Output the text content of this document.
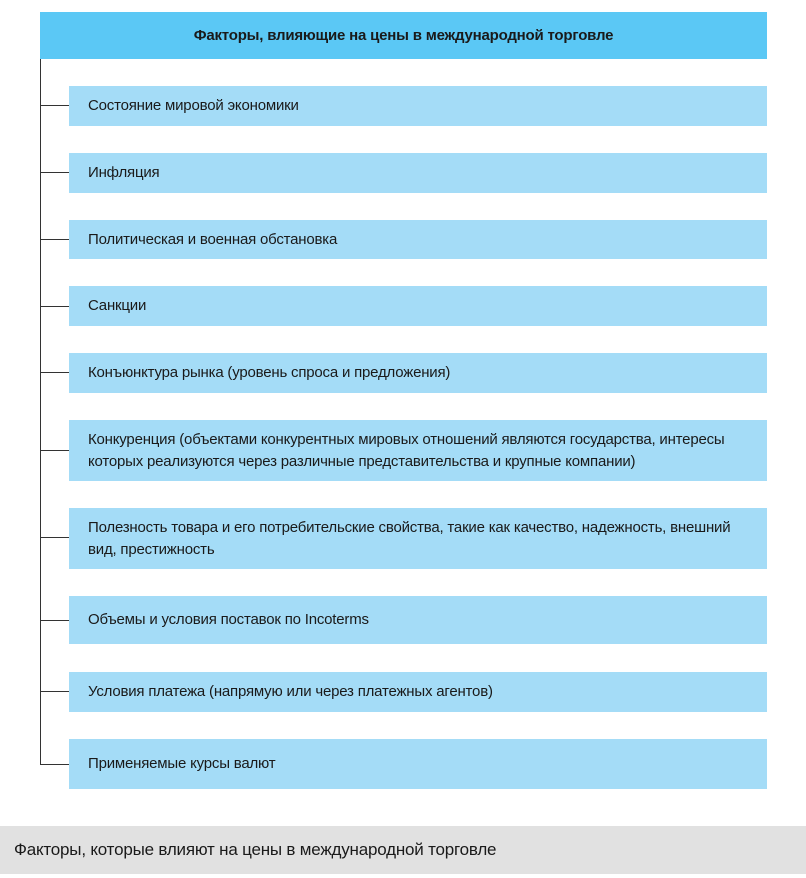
Факторы, влияющие на цены в международной торговле
Состояние мировой экономики
Инфляция
Политическая и военная обстановка
Санкции
Конъюнктура рынка (уровень спроса и предложения)
Конкуренция (объектами конкурентных мировых отношений являются государства, интересы которых реализуются через различные представительства и крупные компании)
Полезность товара и его потребительские свойства, такие как качество, надежность, внешний вид, престижность
Объемы и условия поставок по Incoterms
Условия платежа (напрямую или через платежных агентов)
Применяемые курсы валют
Факторы, которые влияют на цены в международной торговле
